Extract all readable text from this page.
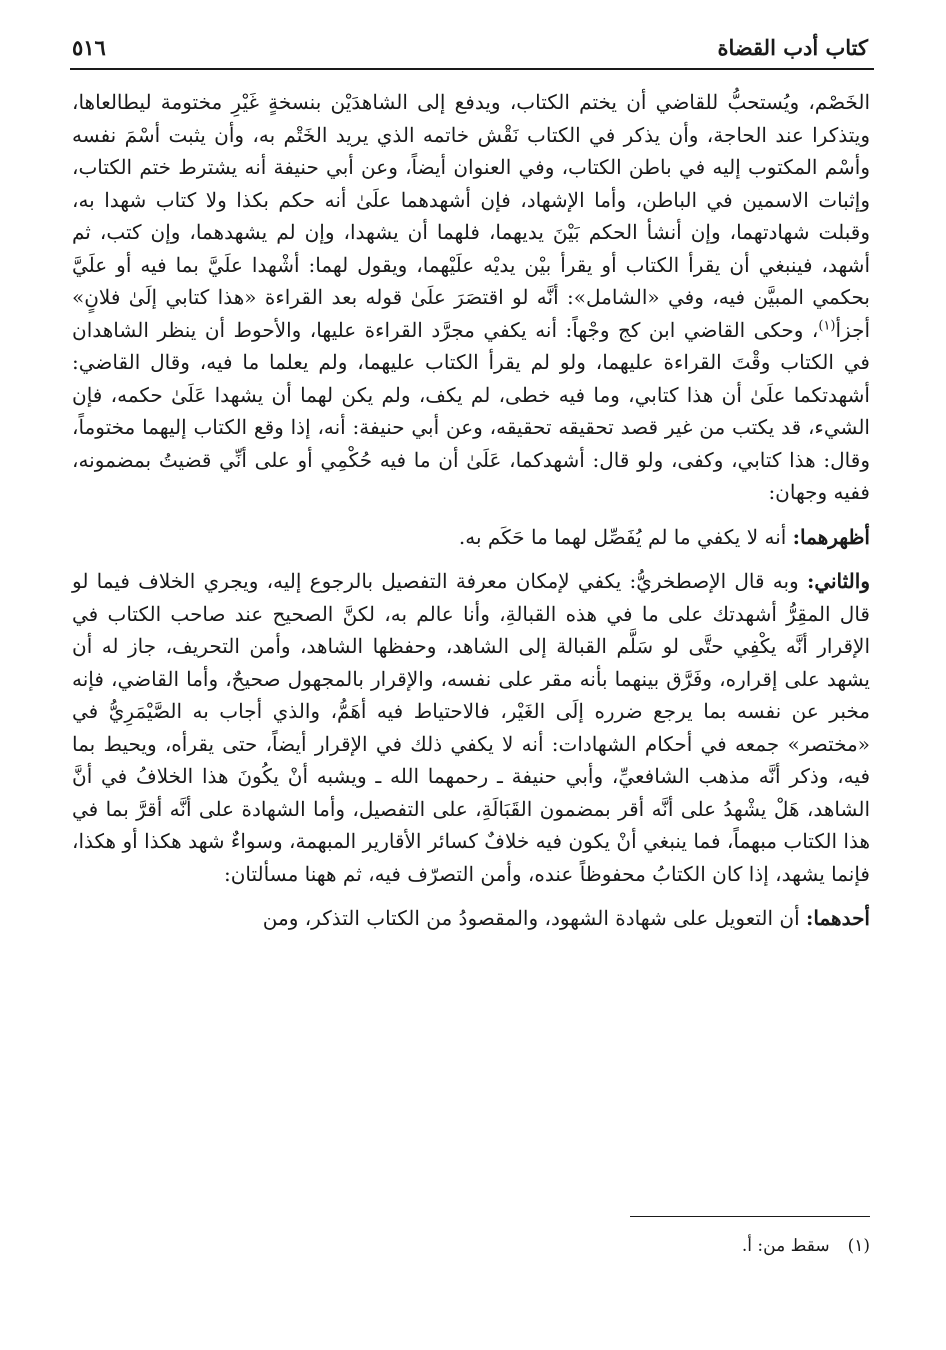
كتاب أدب القضاة
٥١٦

الخَصْم، ويُستحبُّ للقاضي أن يختم الكتاب، ويدفع إلى الشاهدَيْن بنسخةٍ غَيْرِ مختومة ليطالعاها، ويتذكرا عند الحاجة، وأن يذكر في الكتاب نَقْش خاتمه الذي يريد الخَتْم به، وأن يثبت أسْمَ نفسه وأسْم المكتوب إليه في باطن الكتاب، وفي العنوان أيضاً، وعن أبي حنيفة أنه يشترط ختم الكتاب، وإثبات الاسمين في الباطن، وأما الإشهاد، فإن أشهدهما علَىٰ أنه حكم بكذا ولا كتاب شهدا به، وقبلت شهادتهما، وإن أنشأ الحكم بَيْنَ يديهما، فلهما أن يشهدا، وإن لم يشهدهما، وإن كتب، ثم أشهد، فينبغي أن يقرأ الكتاب أو يقرأ بيْن يديْه علَيْهما، ويقول لهما: أشْهدا علَيَّ بما فيه أو علَيَّ بحكمي المبيَّن فيه، وفي «الشامل»: أنَّه لو اقتصَرَ علَىٰ قوله بعد القراءة «هذا كتابي إلَىٰ فلانٍ» أجزأ$^{(١)}$، وحكى القاضي ابن كج وجْهاً: أنه يكفي مجرَّد القراءة عليها، والأحوط أن ينظر الشاهدان في الكتاب وقْتَ القراءة عليهما، ولو لم يقرأ الكتاب عليهما، ولم يعلما ما فيه، وقال القاضي: أشهدتكما علَىٰ أن هذا كتابي، وما فيه خطى، لم يكف، ولم يكن لهما أن يشهدا عَلَىٰ حكمه، فإن الشيء، قد يكتب من غير قصد تحقيقه تحقيقه، وعن أبي حنيفة: أنه، إذا وقع الكتاب إليهما مختوماً، وقال: هذا كتابي، وكفى، ولو قال: أشهدكما، عَلَىٰ أن ما فيه حُكْمِي أو على أنِّي قضيتُ بمضمونه، ففيه وجهان:

أظهرهما: أنه لا يكفي ما لم يُفَصِّل لهما ما حَكَم به.

والثاني: وبه قال الإصطخريُّ: يكفي لإمكان معرفة التفصيل بالرجوع إليه، ويجري الخلاف فيما لو قال المقِرُّ أشهدتك على ما في هذه القبالةِ، وأنا عالم به، لكنَّ الصحيح عند صاحب الكتاب في الإقرار أنَّه يكْفِي حتَّى لو سَلَّم القبالة إلى الشاهد، وحفظها الشاهد، وأمن التحريف، جاز له أن يشهد على إقراره، وفَرَّق بينهما بأنه مقر على نفسه، والإقرار بالمجهول صحيحٌ، وأما القاضي، فإنه مخبر عن نفسه بما يرجع ضرره إلَى الغَيْر، فالاحتياط فيه أهَمُّ، والذي أجاب به الصَّيْمَرِيُّ في «مختصر» جمعه في أحكام الشهادات: أنه لا يكفي ذلك في الإقرار أيضاً، حتى يقرأه، ويحيط بما فيه، وذكر أنَّه مذهب الشافعيِّ، وأبي حنيفة ـ رحمهما الله ـ ويشبه أنْ يكُونَ هذا الخلافُ في أنَّ الشاهد، هَلْ يشْهدُ على أنَّه أقر بمضمون القَبَالَةِ، على التفصيل، وأما الشهادة على أنَّه أقرَّ بما في هذا الكتاب مبهماً، فما ينبغي أنْ يكون فيه خلافٌ كسائر الأقارير المبهمة، وسواءٌ شهد هكذا أو هكذا، فإنما يشهد، إذا كان الكتابُ محفوظاً عنده، وأمن التصرّف فيه، ثم ههنا مسألتان:

أحدهما: أن التعويل على شهادة الشهود، والمقصودُ من الكتاب التذكر، ومن

(١)
سقط من: أ.
